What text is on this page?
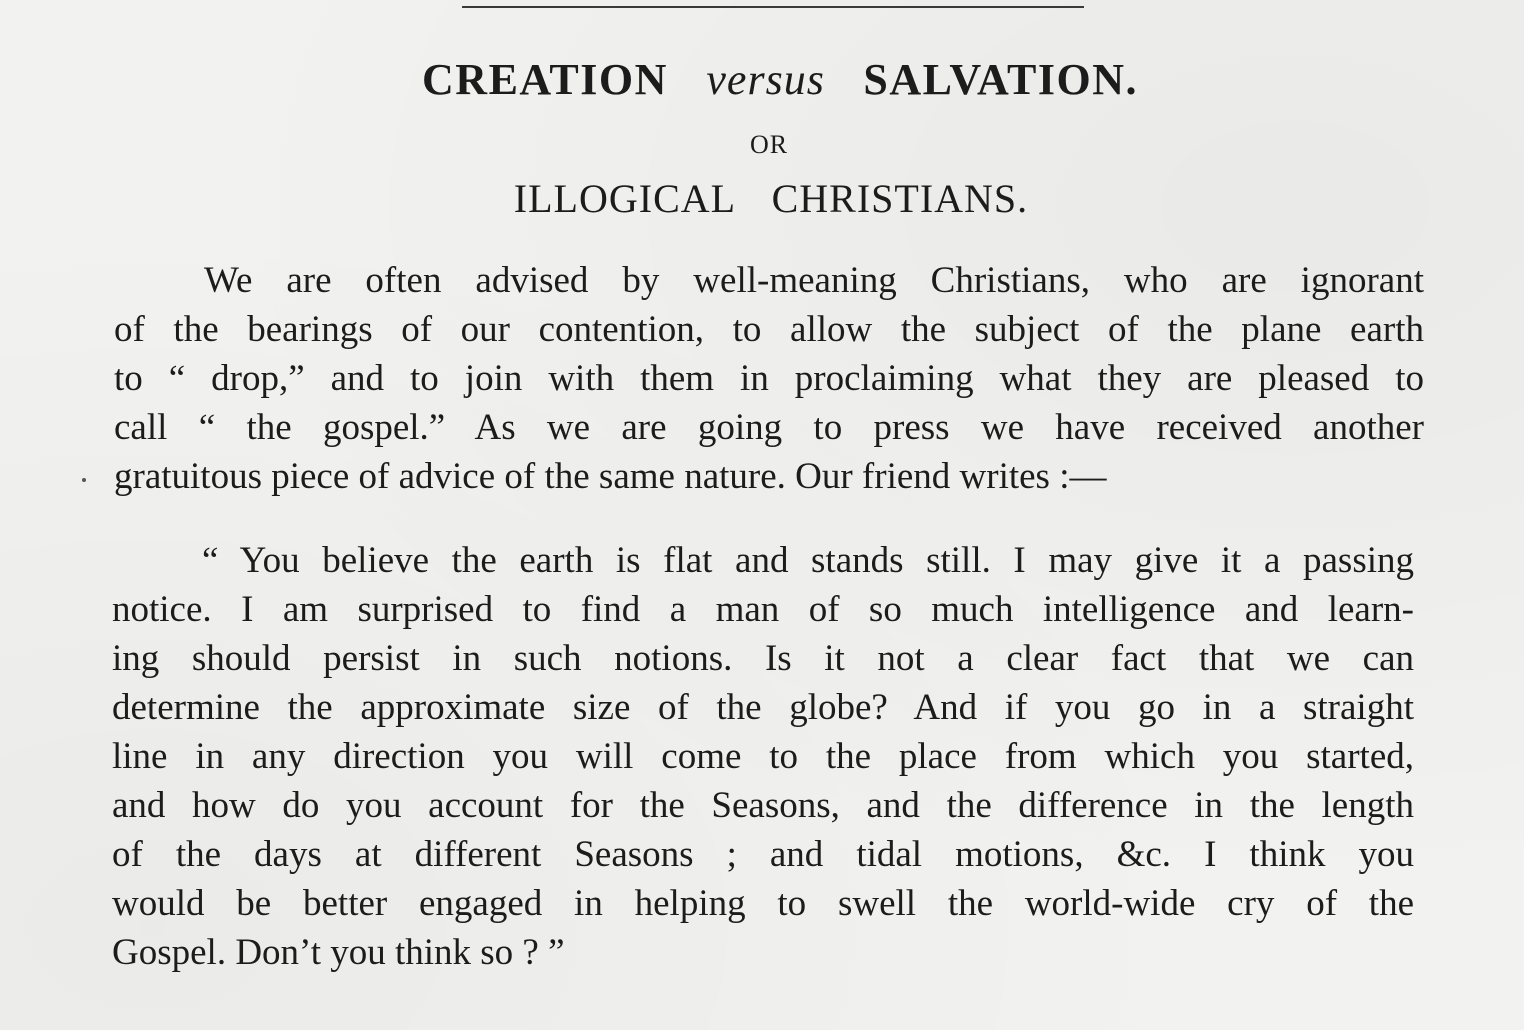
CREATION versus SALVATION.
OR
ILLOGICAL CHRISTIANS.
We are often advised by well-meaning Christians, who are ignorant
of the bearings of our contention, to allow the subject of the plane earth
to “ drop,” and to join with them in proclaiming what they are pleased to
call “ the gospel.” As we are going to press we have received another
gratuitous piece of advice of the same nature. Our friend writes :—
“ You believe the earth is flat and stands still. I may give it a passing
notice. I am surprised to find a man of so much intelligence and learn-
ing should persist in such notions. Is it not a clear fact that we can
determine the approximate size of the globe? And if you go in a straight
line in any direction you will come to the place from which you started,
and how do you account for the Seasons, and the difference in the length
of the days at different Seasons ; and tidal motions, &c. I think you
would be better engaged in helping to swell the world-wide cry of the
Gospel. Don’t you think so ? ”
